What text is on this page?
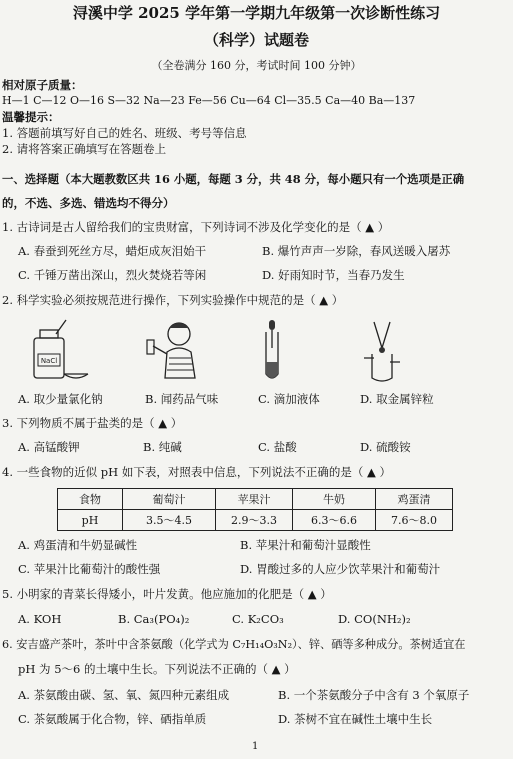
浔溪中学 2025 学年第一学期九年级第一次诊断性练习
（科学）试题卷
（全卷满分 160 分，考试时间 100 分钟）
相对原子质量：
H—1 C—12 O—16 S—32 Na—23 Fe—56 Cu—64 Cl—35.5 Ca—40 Ba—137
温馨提示：
1. 答题前填写好自己的姓名、班级、考号等信息
2. 请将答案正确填写在答题卷上
一、选择题（本大题教数区共 16 小题，每题 3 分，共 48 分，每小题只有一个选项是正确
的，不选、多选、错选均不得分）
1. 古诗词是古人留给我们的宝贵财富，下列诗词不涉及化学变化的是（ ▲ ）
A. 春蚕到死丝方尽，蜡炬成灰泪始干	B. 爆竹声声一岁除，春风送暖入屠苏
C. 千锤万凿出深山，烈火焚烧若等闲	D. 好雨知时节，当春乃发生
2. 科学实验必须按规范进行操作，下列实验操作中规范的是（ ▲ ）
NaCl
A. 取少量氯化钠	B. 闻药品气味	C. 滴加液体	D. 取金属锌粒
3. 下列物质不属于盐类的是（ ▲ ）
A. 高锰酸钾	B. 纯碱	C. 盐酸	D. 硫酸铵
4. 一些食物的近似 pH 如下表，对照表中信息，下列说法不正确的是（ ▲ ）
食物	葡萄汁	苹果汁	牛奶	鸡蛋清
pH	3.5～4.5	2.9～3.3	6.3～6.6	7.6～8.0
A. 鸡蛋清和牛奶显碱性	B. 苹果汁和葡萄汁显酸性
C. 苹果汁比葡萄汁的酸性强	D. 胃酸过多的人应少饮苹果汁和葡萄汁
5. 小明家的青菜长得矮小，叶片发黄。他应施加的化肥是（ ▲ ）
A. KOH	B. Ca₃(PO₄)₂	C. K₂CO₃	D. CO(NH₂)₂
6. 安吉盛产茶叶，茶叶中含茶氨酸（化学式为 C₇H₁₄O₃N₂）、锌、硒等多种成分。茶树适宜在
pH 为 5～6 的土壤中生长。下列说法不正确的（ ▲ ）
A. 茶氨酸由碳、氢、氧、氮四种元素组成	B. 一个茶氨酸分子中含有 3 个氧原子
C. 茶氨酸属于化合物，锌、硒指单质	D. 茶树不宜在碱性土壤中生长
1
